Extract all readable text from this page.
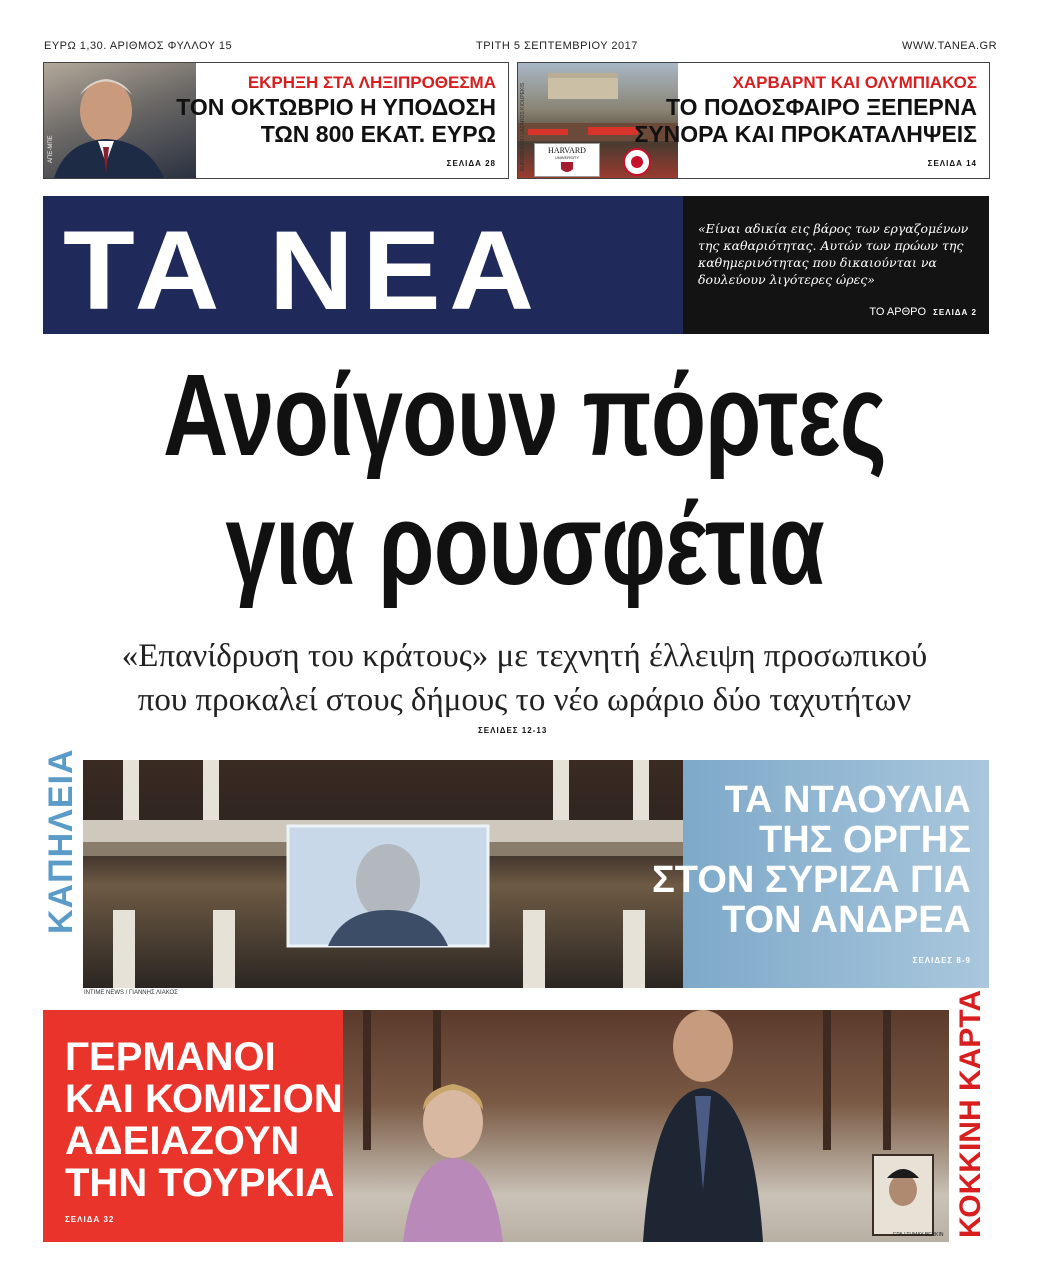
ΕΥΡΩ 1,30. ΑΡΙΘΜΟΣ ΦΥΛΛΟΥ 15	ΤΡΙΤΗ 5 ΣΕΠΤΕΜΒΡΙΟΥ 2017	WWW.TANEA.GR
ΑΠΕ-ΜΠΕ
ΕΚΡΗΞΗ ΣΤΑ ΛΗΞΙΠΡΟΘΕΣΜΑ
ΤΟΝ ΟΚΤΩΒΡΙΟ Η ΥΠΟΔΟΣΗ
ΤΩΝ 800 ΕΚΑΤ. ΕΥΡΩ
ΣΕΛΙΔΑ 28
HARVARD
UNIVERSITY
EUROKINISSI / LAZAROS KIOUPEKIS
ΧΑΡΒΑΡΝΤ ΚΑΙ ΟΛΥΜΠΙΑΚΟΣ
ΤΟ ΠΟΔΟΣΦΑΙΡΟ ΞΕΠΕΡΝΑ
ΣΥΝΟΡΑ ΚΑΙ ΠΡΟΚΑΤΑΛΗΨΕΙΣ
ΣΕΛΙΔΑ 14
ΤΑ ΝΕΑ	«Είναι αδικία εις βάρος των εργαζομένων της καθαριότητας. Αυτών των πρώων της καθημερινότητας που δικαιούνται να δουλεύουν λιγότερες ώρες»
ΤΟ ΑΡΘΡΟ ΣΕΛΙΔΑ 2
Ανοίγουν πόρτες
για ρουσφέτια
«Επανίδρυση του κράτους» με τεχνητή έλλειψη προσωπικού
που προκαλεί στους δήμους το νέο ωράριο δύο ταχυτήτων
ΣΕΛΙΔΕΣ 12-13
ΚΑΠΗΛΕΙΑ	ΤΑ ΝΤΑΟΥΛΙΑ
ΤΗΣ ΟΡΓΗΣ
ΣΤΟΝ ΣΥΡΙΖΑ ΓΙΑ
ΤΟΝ ΑΝΔΡΕΑ
ΣΕΛΙΔΕΣ 8-9
INTIME NEWS / ΓΙΑΝΝΗΣ ΛΙΑΚΟΣ
ΓΕΡΜΑΝΟΙ
ΚΑΙ ΚΟΜΙΣΙΟΝ
ΑΔΕΙΑΖΟΥΝ
ΤΗΝ ΤΟΥΡΚΙΑ
ΣΕΛΙΔΑ 32
EPA / TUMAY BERKIN ΚΟΚΚΙΝΗ ΚΑΡΤΑ
